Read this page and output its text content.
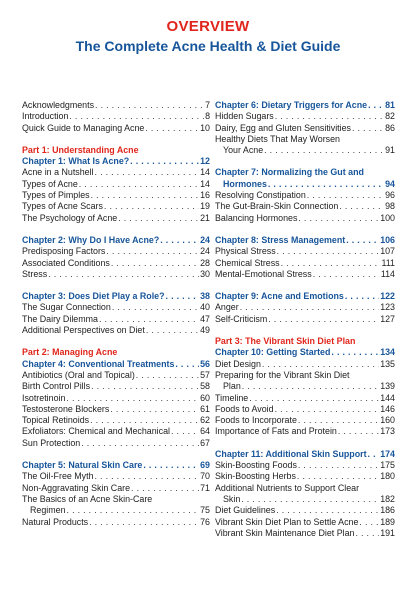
OVERVIEW
The Complete Acne Health & Diet Guide
Acknowledgments . . .	7
Introduction . . .	8
Quick Guide to Managing Acne . . .	10
Part 1: Understanding Acne
Chapter 1: What Is Acne? . . .	12
Acne in a Nutshell . . .	14
Types of Acne . . .	14
Types of Pimples . . .	16
Types of Acne Scars . . .	19
The Psychology of Acne . . .	21
Chapter 2: Why Do I Have Acne? . . .	24
Predisposing Factors . . .	24
Associated Conditions . . .	28
Stress . . .	30
Chapter 3: Does Diet Play a Role? . . .	38
The Sugar Connection . . .	40
The Dairy Dilemma . . .	47
Additional Perspectives on Diet . . .	49
Part 2: Managing Acne
Chapter 4: Conventional Treatments . . .	56
Antibiotics (Oral and Topical) . . .	57
Birth Control Pills . . .	58
Isotretinoin . . .	60
Testosterone Blockers . . .	61
Topical Retinoids . . .	62
Exfoliators: Chemical and Mechanical . . .	64
Sun Protection . . .	67
Chapter 5: Natural Skin Care . . .	69
The Oil-Free Myth . . .	70
Non-Aggravating Skin Care . . .	71
The Basics of an Acne Skin-Care
Regimen . . .	75
Natural Products . . .	76
Chapter 6: Dietary Triggers for Acne . . . 81
Hidden Sugars . . .	82
Dairy, Egg and Gluten Sensitivities . . .	86
Healthy Diets That May Worsen
Your Acne . . .	91
Chapter 7: Normalizing the Gut and
Hormones . . .	94
Resolving Constipation . . .	96
The Gut-Brain-Skin Connection . . .	98
Balancing Hormones . . .	100
Chapter 8: Stress Management . . .	106
Physical Stress . . .	107
Chemical Stress . . .	111
Mental-Emotional Stress . . .	114
Chapter 9: Acne and Emotions . . .	122
Anger . . .	123
Self-Criticism . . .	127
Part 3: The Vibrant Skin Diet Plan
Chapter 10: Getting Started . . .	134
Diet Design . . .	135
Preparing for the Vibrant Skin Diet
Plan . . .	139
Timeline . . .	144
Foods to Avoid . . .	146
Foods to Incorporate . . .	160
Importance of Fats and Protein . . .	173
Chapter 11: Additional Skin Support . . . 174
Skin-Boosting Foods . . .	175
Skin-Boosting Herbs . . .	180
Additional Nutrients to Support Clear
Skin . . .	182
Diet Guidelines . . .	186
Vibrant Skin Diet Plan to Settle Acne . . . 189
Vibrant Skin Maintenance Diet Plan . . .	191
